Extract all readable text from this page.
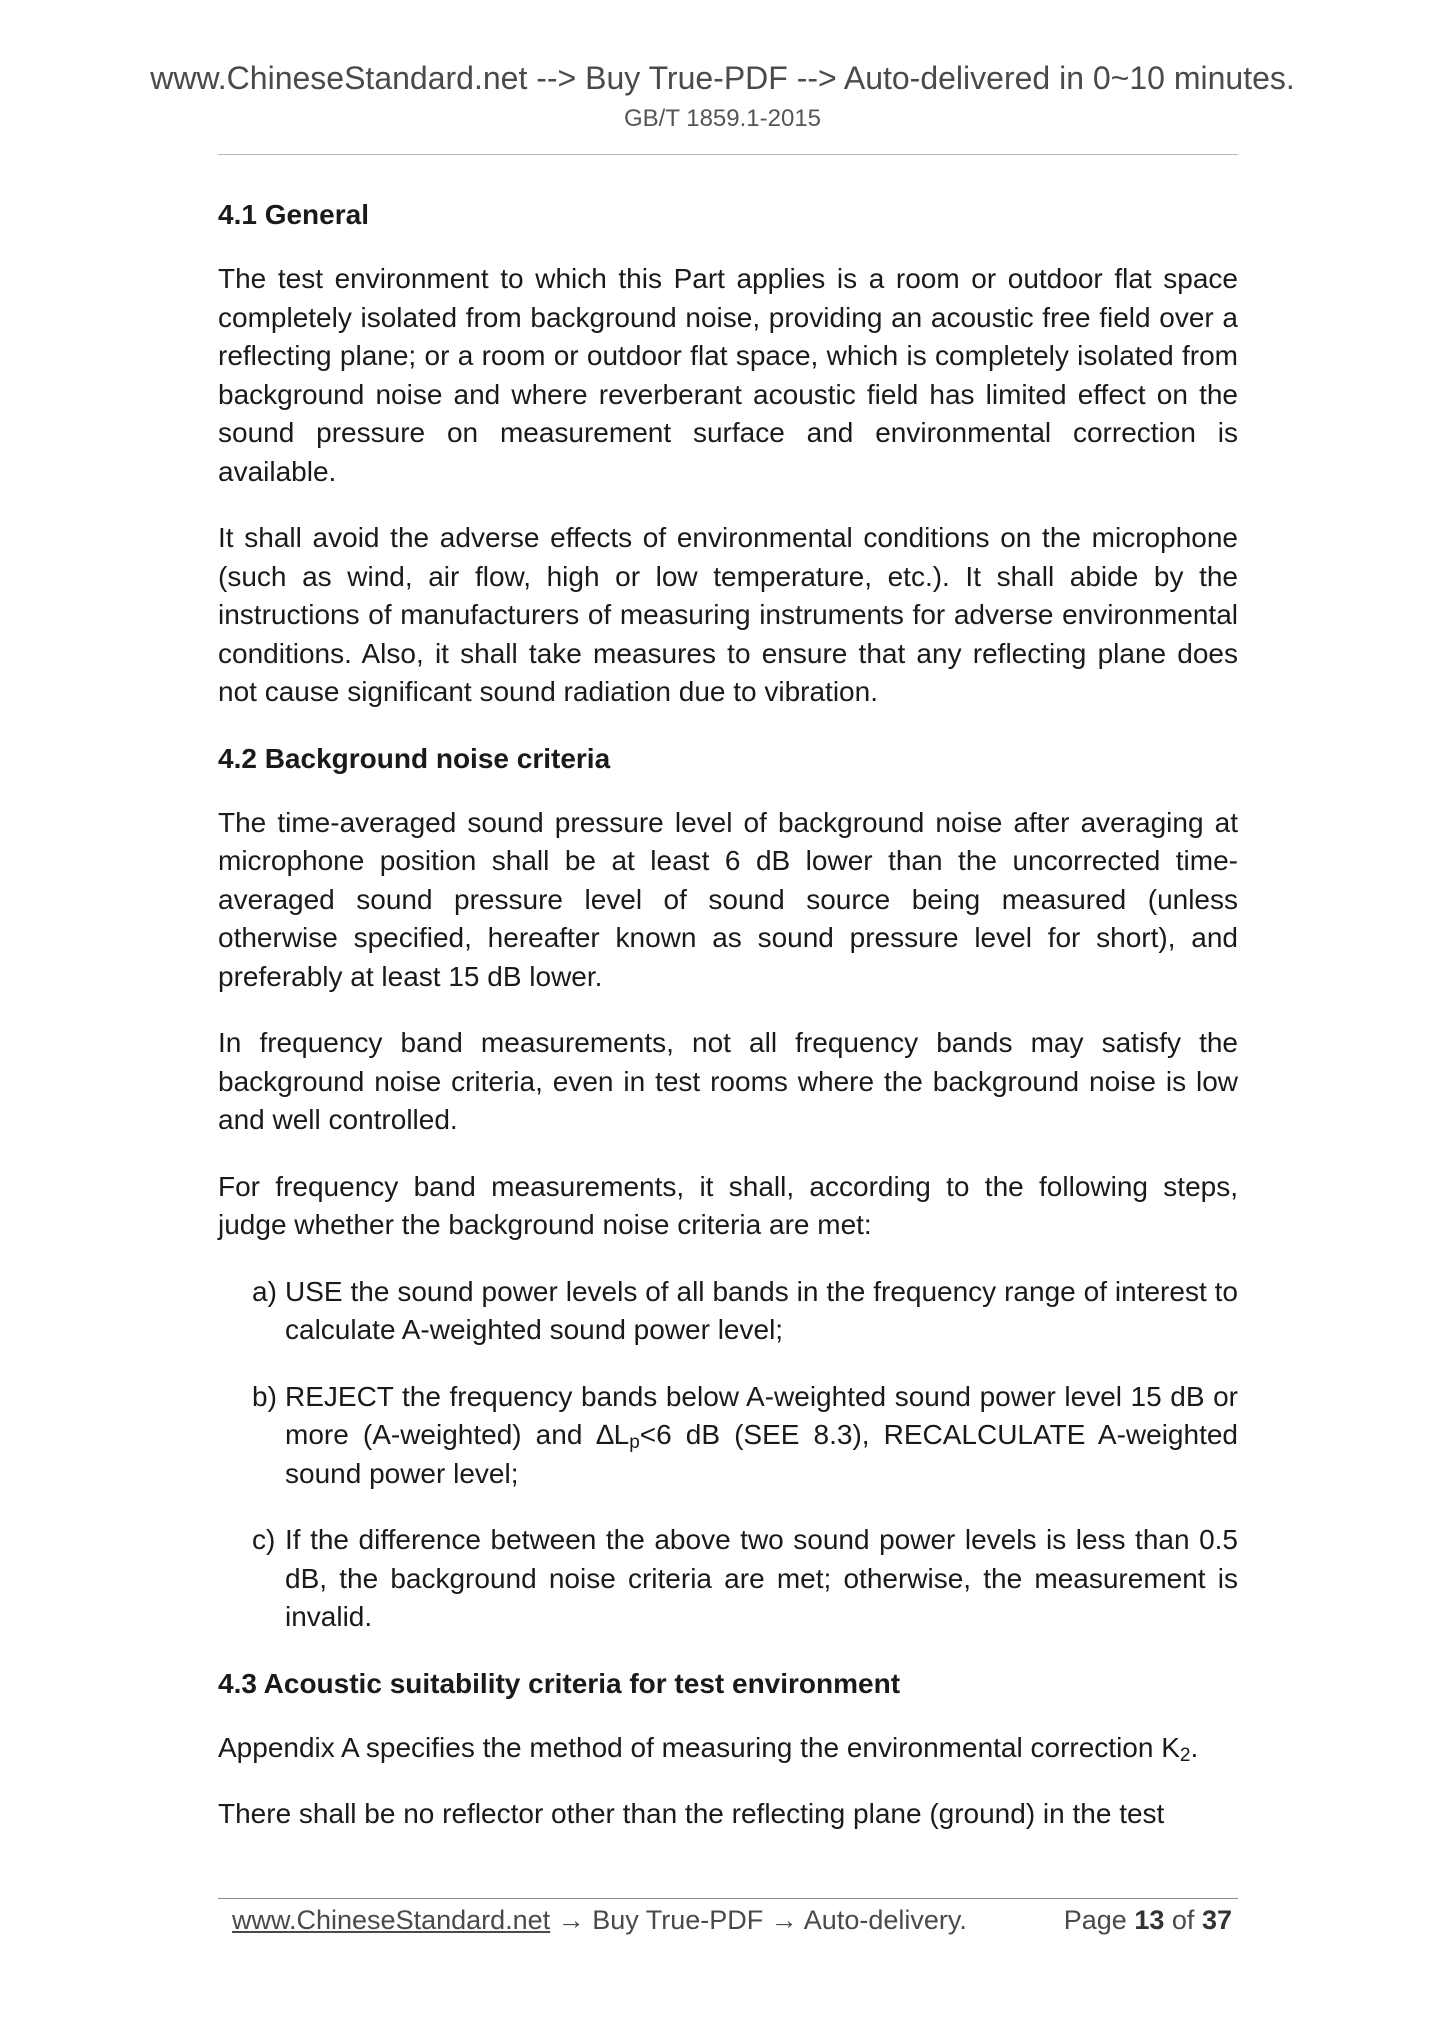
www.ChineseStandard.net --> Buy True-PDF --> Auto-delivered in 0~10 minutes.
GB/T 1859.1-2015
4.1 General

The test environment to which this Part applies is a room or outdoor flat space completely isolated from background noise, providing an acoustic free field over a reflecting plane; or a room or outdoor flat space, which is completely isolated from background noise and where reverberant acoustic field has limited effect on the sound pressure on measurement surface and environmental correction is available.

It shall avoid the adverse effects of environmental conditions on the microphone (such as wind, air flow, high or low temperature, etc.). It shall abide by the instructions of manufacturers of measuring instruments for adverse environmental conditions. Also, it shall take measures to ensure that any reflecting plane does not cause significant sound radiation due to vibration.

4.2 Background noise criteria

The time-averaged sound pressure level of background noise after averaging at microphone position shall be at least 6 dB lower than the uncorrected time-averaged sound pressure level of sound source being measured (unless otherwise specified, hereafter known as sound pressure level for short), and preferably at least 15 dB lower.

In frequency band measurements, not all frequency bands may satisfy the background noise criteria, even in test rooms where the background noise is low and well controlled.

For frequency band measurements, it shall, according to the following steps, judge whether the background noise criteria are met:

a) USE the sound power levels of all bands in the frequency range of interest to calculate A-weighted sound power level;
b) REJECT the frequency bands below A-weighted sound power level 15 dB or more (A-weighted) and $\Delta L_p<6$ dB (SEE 8.3), RECALCULATE A-weighted sound power level;
c) If the difference between the above two sound power levels is less than 0.5 dB, the background noise criteria are met; otherwise, the measurement is invalid.
4.3 Acoustic suitability criteria for test environment

Appendix A specifies the method of measuring the environmental correction $K_2$.

There shall be no reflector other than the reflecting plane (ground) in the test

www.ChineseStandard.net → Buy True-PDF → Auto-delivery.	Page 13 of 37
